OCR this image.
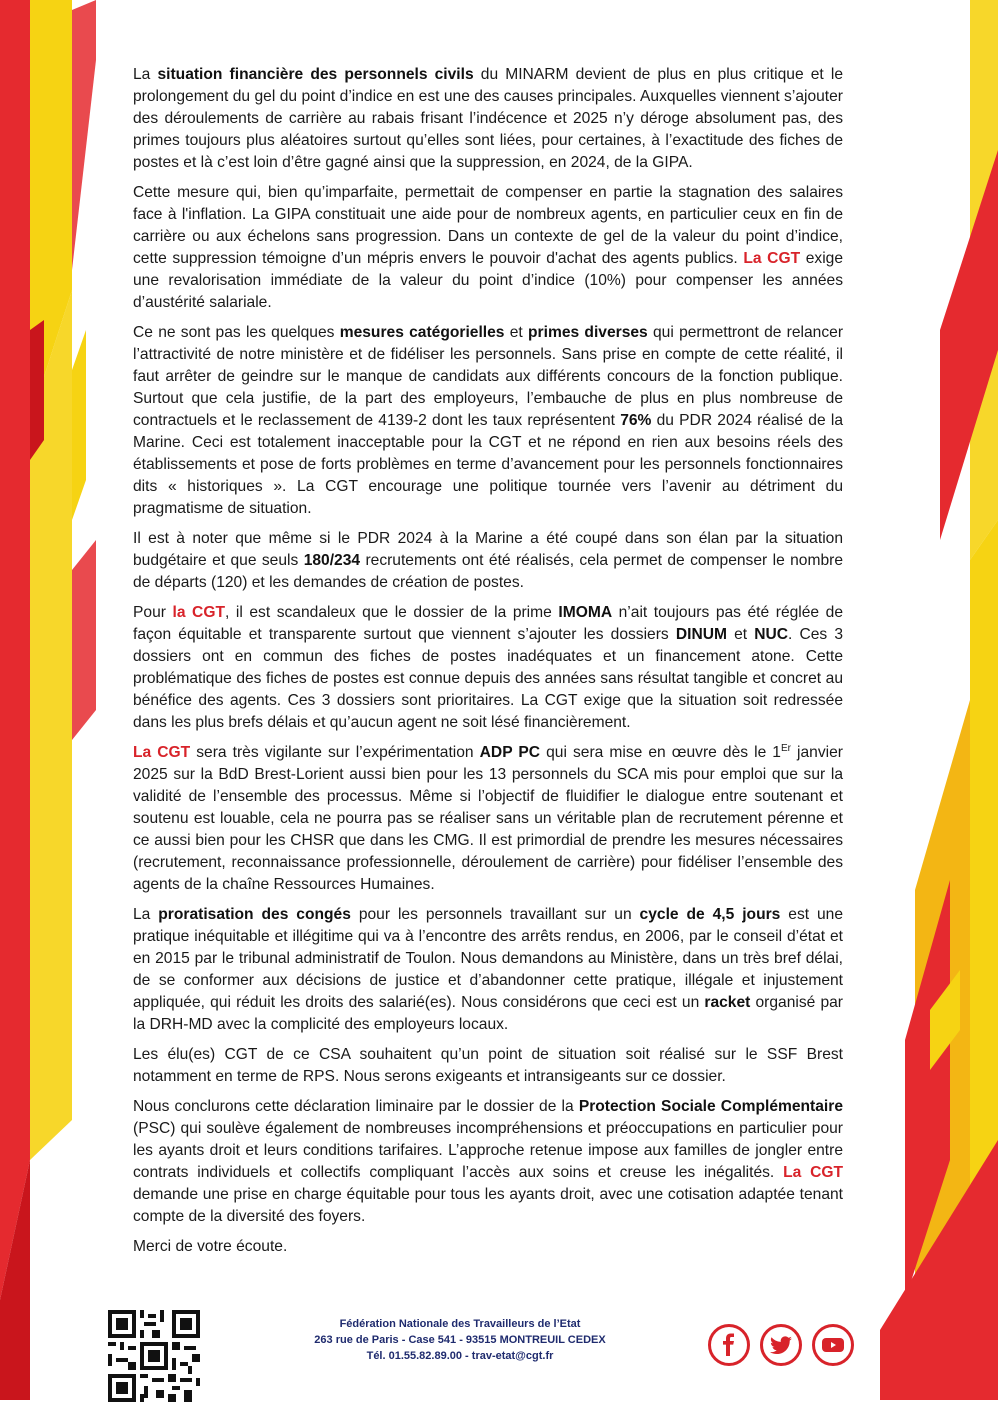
La situation financière des personnels civils du MINARM devient de plus en plus critique et le prolongement du gel du point d’indice en est une des causes principales. Auxquelles viennent s’ajouter des déroulements de carrière au rabais frisant l’indécence et 2025 n’y déroge absolument pas, des primes toujours plus aléatoires surtout qu’elles sont liées, pour certaines, à l’exactitude des fiches de postes et là c’est loin d’être gagné ainsi que la suppression, en 2024, de la GIPA.

Cette mesure qui, bien qu’imparfaite, permettait de compenser en partie la stagnation des salaires face à l'inflation. La GIPA constituait une aide pour de nombreux agents, en particulier ceux en fin de carrière ou aux échelons sans progression. Dans un contexte de gel de la valeur du point d’indice, cette suppression témoigne d’un mépris envers le pouvoir d'achat des agents publics. La CGT exige une revalorisation immédiate de la valeur du point d’indice (10%) pour compenser les années d’austérité salariale.

Ce ne sont pas les quelques mesures catégorielles et primes diverses qui permettront de relancer l’attractivité de notre ministère et de fidéliser les personnels. Sans prise en compte de cette réalité, il faut arrêter de geindre sur le manque de candidats aux différents concours de la fonction publique. Surtout que cela justifie, de la part des employeurs, l’embauche de plus en plus nombreuse de contractuels et le reclassement de 4139-2 dont les taux représentent 76% du PDR 2024 réalisé de la Marine. Ceci est totalement inacceptable pour la CGT et ne répond en rien aux besoins réels des établissements et pose de forts problèmes en terme d’avancement pour les personnels fonctionnaires dits « historiques ». La CGT encourage une politique tournée vers l’avenir au détriment du pragmatisme de situation.

Il est à noter que même si le PDR 2024 à la Marine a été coupé dans son élan par la situation budgétaire et que seuls 180/234 recrutements ont été réalisés, cela permet de compenser le nombre de départs (120) et les demandes de création de postes.

Pour la CGT, il est scandaleux que le dossier de la prime IMOMA n’ait toujours pas été réglée de façon équitable et transparente surtout que viennent s’ajouter les dossiers DINUM et NUC. Ces 3 dossiers ont en commun des fiches de postes inadéquates et un financement atone. Cette problématique des fiches de postes est connue depuis des années sans résultat tangible et concret au bénéfice des agents. Ces 3 dossiers sont prioritaires. La CGT exige que la situation soit redressée dans les plus brefs délais et qu’aucun agent ne soit lésé financièrement.

La CGT sera très vigilante sur l’expérimentation ADP PC qui sera mise en œuvre dès le 1Er janvier 2025 sur la BdD Brest-Lorient aussi bien pour les 13 personnels du SCA mis pour emploi que sur la validité de l’ensemble des processus. Même si l’objectif de fluidifier le dialogue entre soutenant et soutenu est louable, cela ne pourra pas se réaliser sans un véritable plan de recrutement pérenne et ce aussi bien pour les CHSR que dans les CMG. Il est primordial de prendre les mesures nécessaires (recrutement, reconnaissance professionnelle, déroulement de carrière) pour fidéliser l’ensemble des agents de la chaîne Ressources Humaines.

La proratisation des congés pour les personnels travaillant sur un cycle de 4,5 jours est une pratique inéquitable et illégitime qui va à l’encontre des arrêts rendus, en 2006, par le conseil d’état et en 2015 par le tribunal administratif de Toulon. Nous demandons au Ministère, dans un très bref délai, de se conformer aux décisions de justice et d’abandonner cette pratique, illégale et injustement appliquée, qui réduit les droits des salarié(es). Nous considérons que ceci est un racket organisé par la DRH-MD avec la complicité des employeurs locaux.

Les élu(es) CGT de ce CSA souhaitent qu’un point de situation soit réalisé sur le SSF Brest notamment en terme de RPS. Nous serons exigeants et intransigeants sur ce dossier.

Nous conclurons cette déclaration liminaire par le dossier de la Protection Sociale Complémentaire (PSC) qui soulève également de nombreuses incompréhensions et préoccupations en particulier pour les ayants droit et leurs conditions tarifaires. L’approche retenue impose aux familles de jongler entre contrats individuels et collectifs compliquant l’accès aux soins et creuse les inégalités. La CGT demande une prise en charge équitable pour tous les ayants droit, avec une cotisation adaptée tenant compte de la diversité des foyers.

Merci de votre écoute.

Fédération Nationale des Travailleurs de l’Etat
263 rue de Paris - Case 541 - 93515 MONTREUIL CEDEX
Tél. 01.55.82.89.00 - trav-etat@cgt.fr
